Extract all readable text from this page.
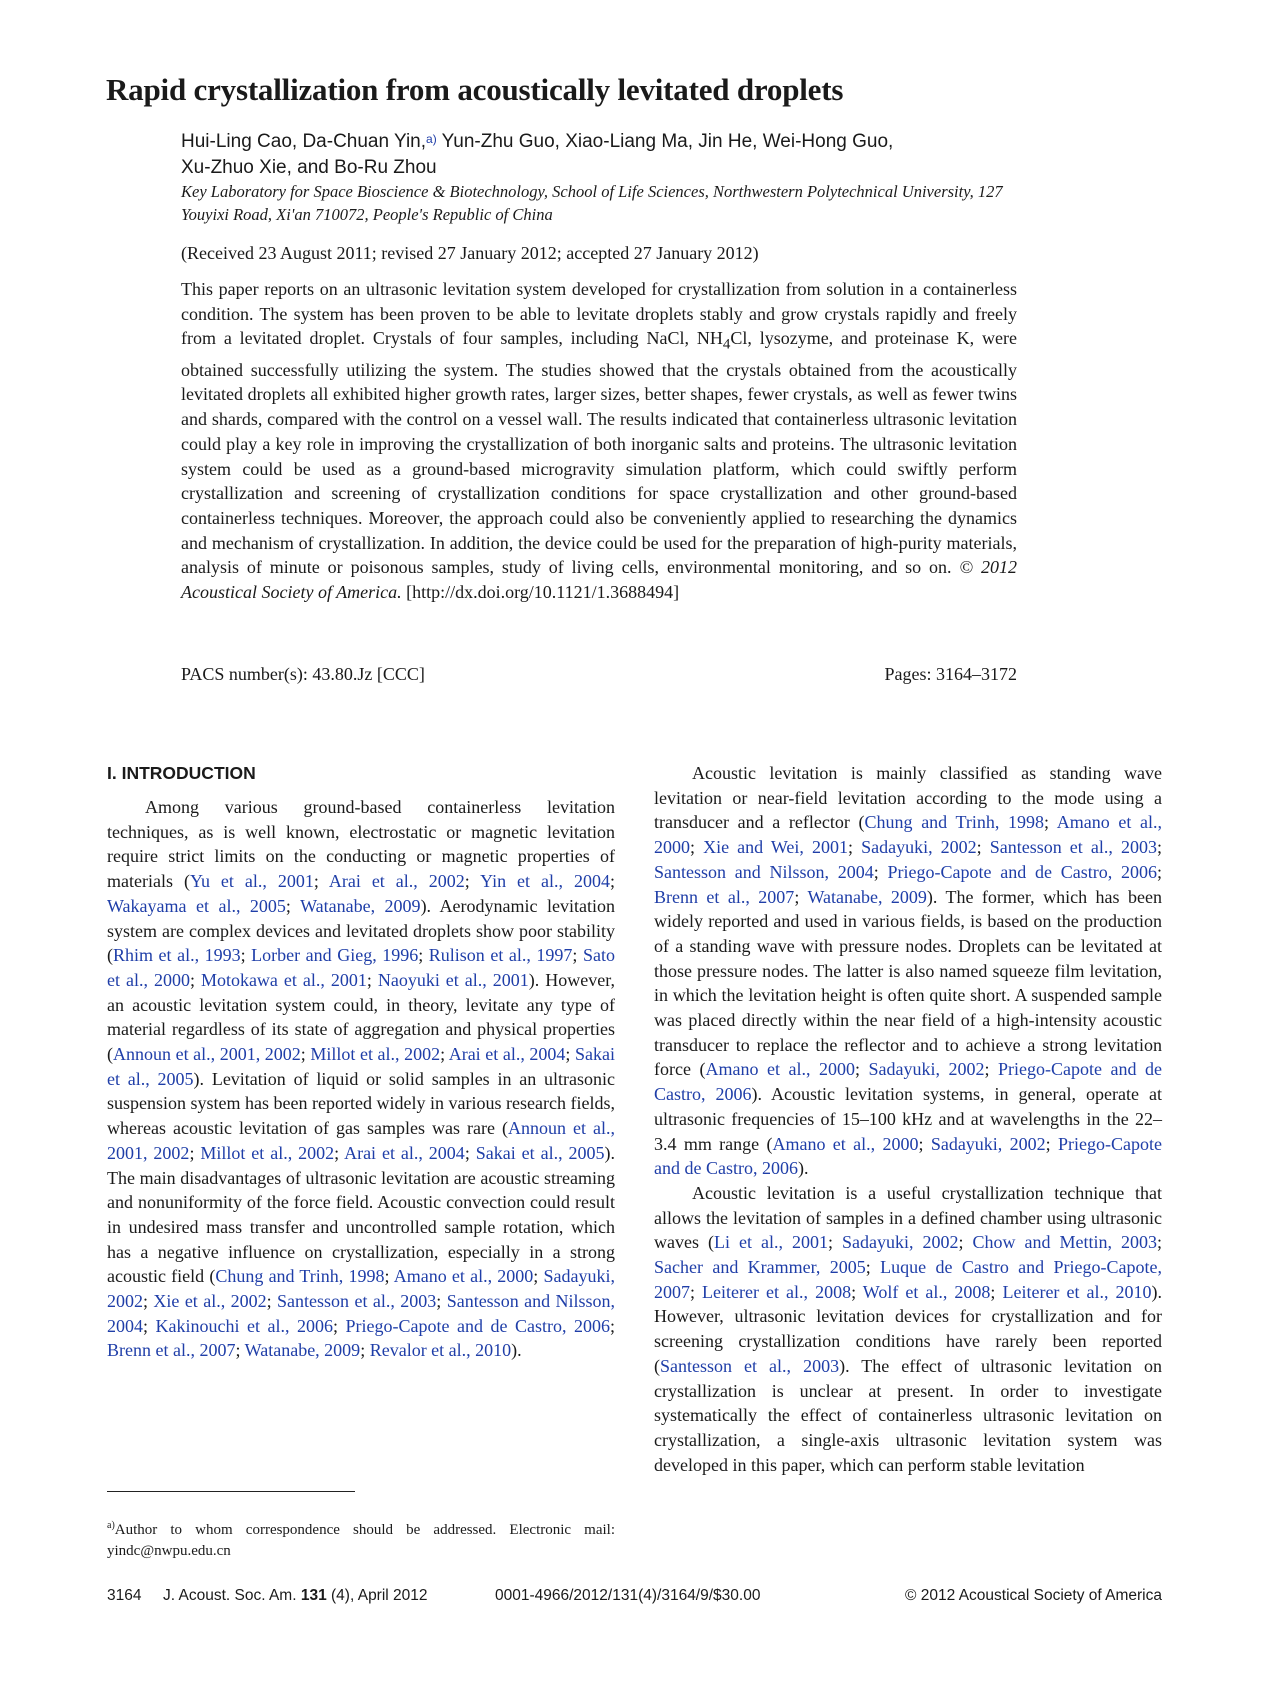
Rapid crystallization from acoustically levitated droplets
Hui-Ling Cao, Da-Chuan Yin,$^{a)}$ Yun-Zhu Guo, Xiao-Liang Ma, Jin He, Wei-Hong Guo,
Xu-Zhuo Xie, and Bo-Ru Zhou
Key Laboratory for Space Bioscience & Biotechnology, School of Life Sciences, Northwestern Polytechnical University, 127 Youyixi Road, Xi'an 710072, People's Republic of China
(Received 23 August 2011; revised 27 January 2012; accepted 27 January 2012)

This paper reports on an ultrasonic levitation system developed for crystallization from solution in a containerless condition. The system has been proven to be able to levitate droplets stably and grow crystals rapidly and freely from a levitated droplet. Crystals of four samples, including NaCl, $NH_4Cl$, lysozyme, and proteinase K, were obtained successfully utilizing the system. The studies showed that the crystals obtained from the acoustically levitated droplets all exhibited higher growth rates, larger sizes, better shapes, fewer crystals, as well as fewer twins and shards, compared with the control on a vessel wall. The results indicated that containerless ultrasonic levitation could play a key role in improving the crystallization of both inorganic salts and proteins. The ultrasonic levitation system could be used as a ground-based microgravity simulation platform, which could swiftly perform crystallization and screening of crystallization conditions for space crystallization and other ground-based containerless techniques. Moreover, the approach could also be conveniently applied to researching the dynamics and mechanism of crystallization. In addition, the device could be used for the preparation of high-purity materials, analysis of minute or poisonous samples, study of living cells, environmental monitoring, and so on. © 2012 Acoustical Society of America. [http://dx.doi.org/10.1121/1.3688494]

PACS number(s): 43.80.Jz [CCC]	Pages: 3164–3172
I. INTRODUCTION

Among various ground-based containerless levitation techniques, as is well known, electrostatic or magnetic levitation require strict limits on the conducting or magnetic properties of materials (Yu et al., 2001; Arai et al., 2002; Yin et al., 2004; Wakayama et al., 2005; Watanabe, 2009). Aerodynamic levitation system are complex devices and levitated droplets show poor stability (Rhim et al., 1993; Lorber and Gieg, 1996; Rulison et al., 1997; Sato et al., 2000; Motokawa et al., 2001; Naoyuki et al., 2001). However, an acoustic levitation system could, in theory, levitate any type of material regardless of its state of aggregation and physical properties (Announ et al., 2001, 2002; Millot et al., 2002; Arai et al., 2004; Sakai et al., 2005). Levitation of liquid or solid samples in an ultrasonic suspension system has been reported widely in various research fields, whereas acoustic levitation of gas samples was rare (Announ et al., 2001, 2002; Millot et al., 2002; Arai et al., 2004; Sakai et al., 2005). The main disadvantages of ultrasonic levitation are acoustic streaming and nonuniformity of the force field. Acoustic convection could result in undesired mass transfer and uncontrolled sample rotation, which has a negative influence on crystallization, especially in a strong acoustic field (Chung and Trinh, 1998; Amano et al., 2000; Sadayuki, 2002; Xie et al., 2002; Santesson et al., 2003; Santesson and Nilsson, 2004; Kakinouchi et al., 2006; Priego-Capote and de Castro, 2006; Brenn et al., 2007; Watanabe, 2009; Revalor et al., 2010).

Acoustic levitation is mainly classified as standing wave levitation or near-field levitation according to the mode using a transducer and a reflector (Chung and Trinh, 1998; Amano et al., 2000; Xie and Wei, 2001; Sadayuki, 2002; Santesson et al., 2003; Santesson and Nilsson, 2004; Priego-Capote and de Castro, 2006; Brenn et al., 2007; Watanabe, 2009). The former, which has been widely reported and used in various fields, is based on the production of a standing wave with pressure nodes. Droplets can be levitated at those pressure nodes. The latter is also named squeeze film levitation, in which the levitation height is often quite short. A suspended sample was placed directly within the near field of a high-intensity acoustic transducer to replace the reflector and to achieve a strong levitation force (Amano et al., 2000; Sadayuki, 2002; Priego-Capote and de Castro, 2006). Acoustic levitation systems, in general, operate at ultrasonic frequencies of 15–100 kHz and at wavelengths in the 22–3.4 mm range (Amano et al., 2000; Sadayuki, 2002; Priego-Capote and de Castro, 2006).

Acoustic levitation is a useful crystallization technique that allows the levitation of samples in a defined chamber using ultrasonic waves (Li et al., 2001; Sadayuki, 2002; Chow and Mettin, 2003; Sacher and Krammer, 2005; Luque de Castro and Priego-Capote, 2007; Leiterer et al., 2008; Wolf et al., 2008; Leiterer et al., 2010). However, ultrasonic levitation devices for crystallization and for screening crystallization conditions have rarely been reported (Santesson et al., 2003). The effect of ultrasonic levitation on crystallization is unclear at present. In order to investigate systematically the effect of containerless ultrasonic levitation on crystallization, a single-axis ultrasonic levitation system was developed in this paper, which can perform stable levitation

$^{a)}$Author to whom correspondence should be addressed. Electronic mail: yindc@nwpu.edu.cn
3164 J. Acoust. Soc. Am. 131 (4), April 2012	0001-4966/2012/131(4)/3164/9/$30.00	© 2012 Acoustical Society of America
